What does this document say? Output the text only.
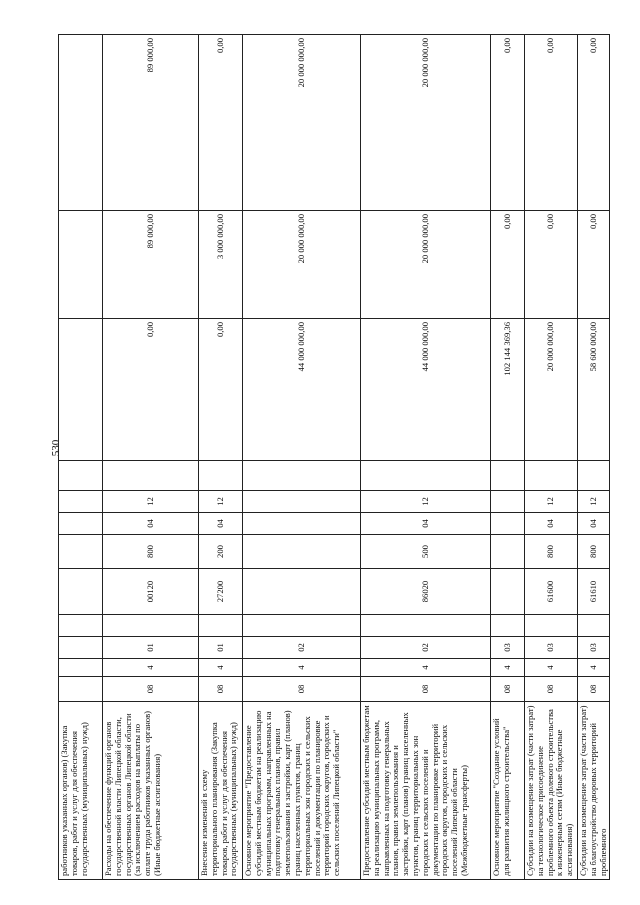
530
работников указанных органов) (Закупка товаров, работ и услуг для обеспечения государственных (муниципальных) нужд)												
Расходы на обеспечение функций органов государственной власти Липецкой области, государственных органов Липецкой области (за исключением расходов на выплаты по оплате труда работников указанных органов) (Иные бюджетные ассигнования)	08	4	01		00120	800	04	12		0,00	89 000,00	89 000,00
Внесение изменений в схему территориального планирования (Закупка товаров, работ и услуг для обеспечения государственных (муниципальных) нужд)	08	4	01		27200	200	04	12		0,00	3 000 000,00	0,00
Основное мероприятие "Предоставление субсидий местным бюджетам на реализацию муниципальных программ, направленных на подготовку генеральных планов, правил землепользования и застройки, карт (планов) границ населенных пунктов, границ территориальных зон городских и сельских поселений и документации по планировке территорий городских округов, городских и сельских поселений Липецкой области"	08	4	02							44 000 000,00	20 000 000,00	20 000 000,00
Предоставление субсидий местным бюджетам на реализацию муниципальных программ, направленных на подготовку генеральных планов, правил землепользования и застройки, карт (планов) границ населенных пунктов, границ территориальных зон городских и сельских поселений и документации по планировке территорий городских округов, городских и сельских поселений Липецкой области (Межбюджетные трансферты)	08	4	02		86020	500	04	12		44 000 000,00	20 000 000,00	20 000 000,00
Основное мероприятие "Создание условий для развития жилищного строительства"	08	4	03							102 144 369,36	0,00	0,00
Субсидии на возмещение затрат (части затрат) на технологическое присоединение проблемного объекта долевого строительства к инженерным сетям (Иные бюджетные ассигнования)	08	4	03		61600	800	04	12		20 000 000,00	0,00	0,00
Субсидии на возмещение затрат (части затрат) на благоустройство дворовых территорий проблемного	08	4	03		61610	800	04	12		58 600 000,00	0,00	0,00
